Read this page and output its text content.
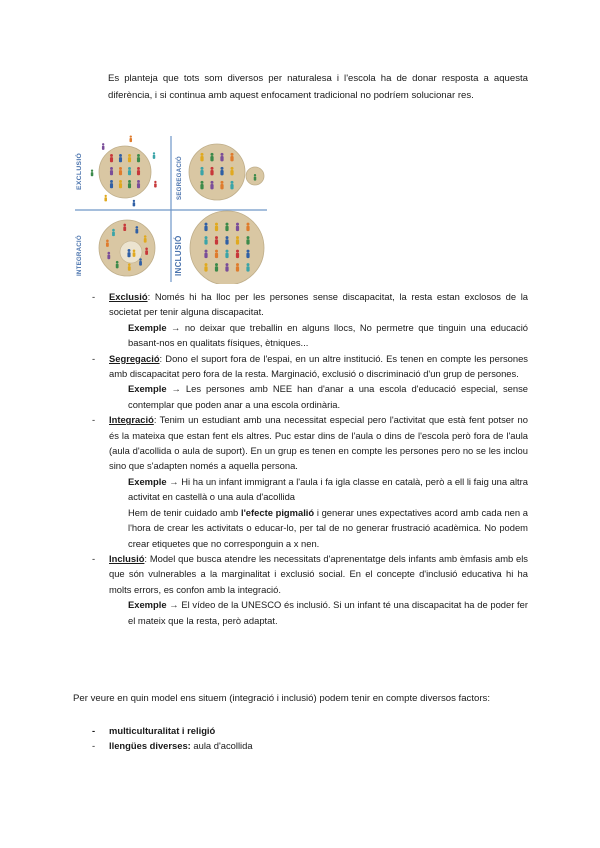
Es planteja que tots som diversos per naturalesa i l'escola ha de donar resposta a aquesta diferència, i si continua amb aquest enfocament tradicional no podríem solucionar res.

EXCLUSIÓ	SEGREGACIÓ
INTEGRACIÓ	INCLUSIÓ
- Exclusió: Només hi ha lloc per les persones sense discapacitat, la resta estan exclosos de la societat per tenir alguna discapacitat.
Exemple → no deixar que treballin en alguns llocs, No permetre que tinguin una educació basant-nos en qualitats físiques, ètniques...
- Segregació: Dono el suport fora de l'espai, en un altre institució. Es tenen en compte les persones amb discapacitat pero fora de la resta. Marginació, exclusió o discriminació d'un grup de persones.
Exemple → Les persones amb NEE han d'anar a una escola d'educació especial, sense contemplar que poden anar a una escola ordinària.
- Integració: Tenim un estudiant amb una necessitat especial pero l'activitat que està fent potser no és la mateixa que estan fent els altres. Puc estar dins de l'aula o dins de l'escola però fora de l'aula (aula d'acollida o aula de suport). En un grup es tenen en compte les persones pero no se les inclou sino que s'adapten només a aquella persona.
Exemple → Hi ha un infant immigrant a l'aula i fa igla classe en català, però a ell li faig una altra activitat en castellà o una aula d'acollida
Hem de tenir cuidado amb l'efecte pigmalió i generar unes expectatives acord amb cada nen a l'hora de crear les activitats o educar-lo, per tal de no generar frustració acadèmica. No podem crear etiquetes que no corresponguin a x nen.
- Inclusió: Model que busca atendre les necessitats d'aprenentatge dels infants amb èmfasis amb els que són vulnerables a la marginalitat i exclusió social. En el concepte d'inclusió educativa hi ha molts errors, es confon amb la integració.
Exemple → El vídeo de la UNESCO és inclusió. Si un infant té una discapacitat ha de poder fer el mateix que la resta, però adaptat.

Per veure en quin model ens situem (integració i inclusió) podem tenir en compte diversos factors:

- multiculturalitat i religió
- llengües diverses: aula d'acollida
